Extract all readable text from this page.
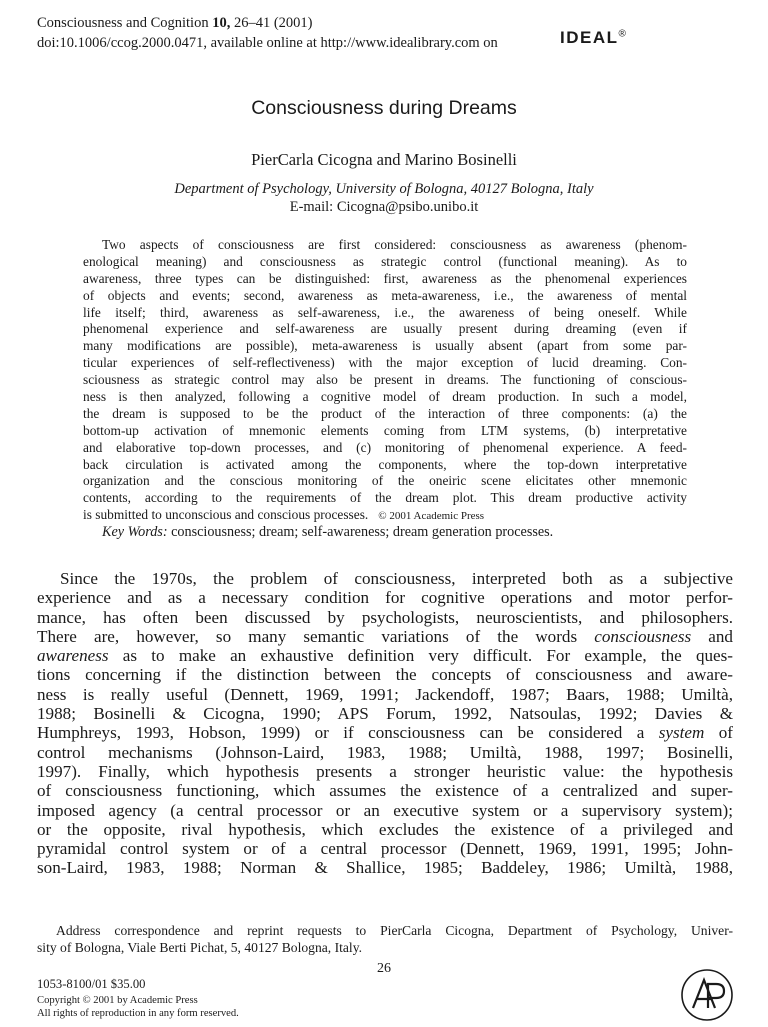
Consciousness and Cognition 10, 26–41 (2001)
doi:10.1006/ccog.2000.0471, available online at http://www.idealibrary.com on	IDEAL®
Consciousness during Dreams
PierCarla Cicogna and Marino Bosinelli
Department of Psychology, University of Bologna, 40127 Bologna, Italy
E-mail: Cicogna@psibo.unibo.it
Two aspects of consciousness are first considered: consciousness as awareness (phenom-
enological meaning) and consciousness as strategic control (functional meaning). As to
awareness, three types can be distinguished: first, awareness as the phenomenal experiences
of objects and events; second, awareness as meta-awareness, i.e., the awareness of mental
life itself; third, awareness as self-awareness, i.e., the awareness of being oneself. While
phenomenal experience and self-awareness are usually present during dreaming (even if
many modifications are possible), meta-awareness is usually absent (apart from some par-
ticular experiences of self-reflectiveness) with the major exception of lucid dreaming. Con-
sciousness as strategic control may also be present in dreams. The functioning of conscious-
ness is then analyzed, following a cognitive model of dream production. In such a model,
the dream is supposed to be the product of the interaction of three components: (a) the
bottom-up activation of mnemonic elements coming from LTM systems, (b) interpretative
and elaborative top-down processes, and (c) monitoring of phenomenal experience. A feed-
back circulation is activated among the components, where the top-down interpretative
organization and the conscious monitoring of the oneiric scene elicitates other mnemonic
contents, according to the requirements of the dream plot. This dream productive activity
is submitted to unconscious and conscious processes. © 2001 Academic Press
Key Words: consciousness; dream; self-awareness; dream generation processes.
Since the 1970s, the problem of consciousness, interpreted both as a subjective
experience and as a necessary condition for cognitive operations and motor perfor-
mance, has often been discussed by psychologists, neuroscientists, and philosophers.
There are, however, so many semantic variations of the words consciousness and
awareness as to make an exhaustive definition very difficult. For example, the ques-
tions concerning if the distinction between the concepts of consciousness and aware-
ness is really useful (Dennett, 1969, 1991; Jackendoff, 1987; Baars, 1988; Umiltà,
1988; Bosinelli & Cicogna, 1990; APS Forum, 1992, Natsoulas, 1992; Davies &
Humphreys, 1993, Hobson, 1999) or if consciousness can be considered a system of
control mechanisms (Johnson-Laird, 1983, 1988; Umiltà, 1988, 1997; Bosinelli,
1997). Finally, which hypothesis presents a stronger heuristic value: the hypothesis
of consciousness functioning, which assumes the existence of a centralized and super-
imposed agency (a central processor or an executive system or a supervisory system);
or the opposite, rival hypothesis, which excludes the existence of a privileged and
pyramidal control system or of a central processor (Dennett, 1969, 1991, 1995; John-
son-Laird, 1983, 1988; Norman & Shallice, 1985; Baddeley, 1986; Umiltà, 1988,
Address correspondence and reprint requests to PierCarla Cicogna, Department of Psychology, Univer-
sity of Bologna, Viale Berti Pichat, 5, 40127 Bologna, Italy.
26
1053-8100/01 $35.00
Copyright © 2001 by Academic Press
All rights of reproduction in any form reserved.
